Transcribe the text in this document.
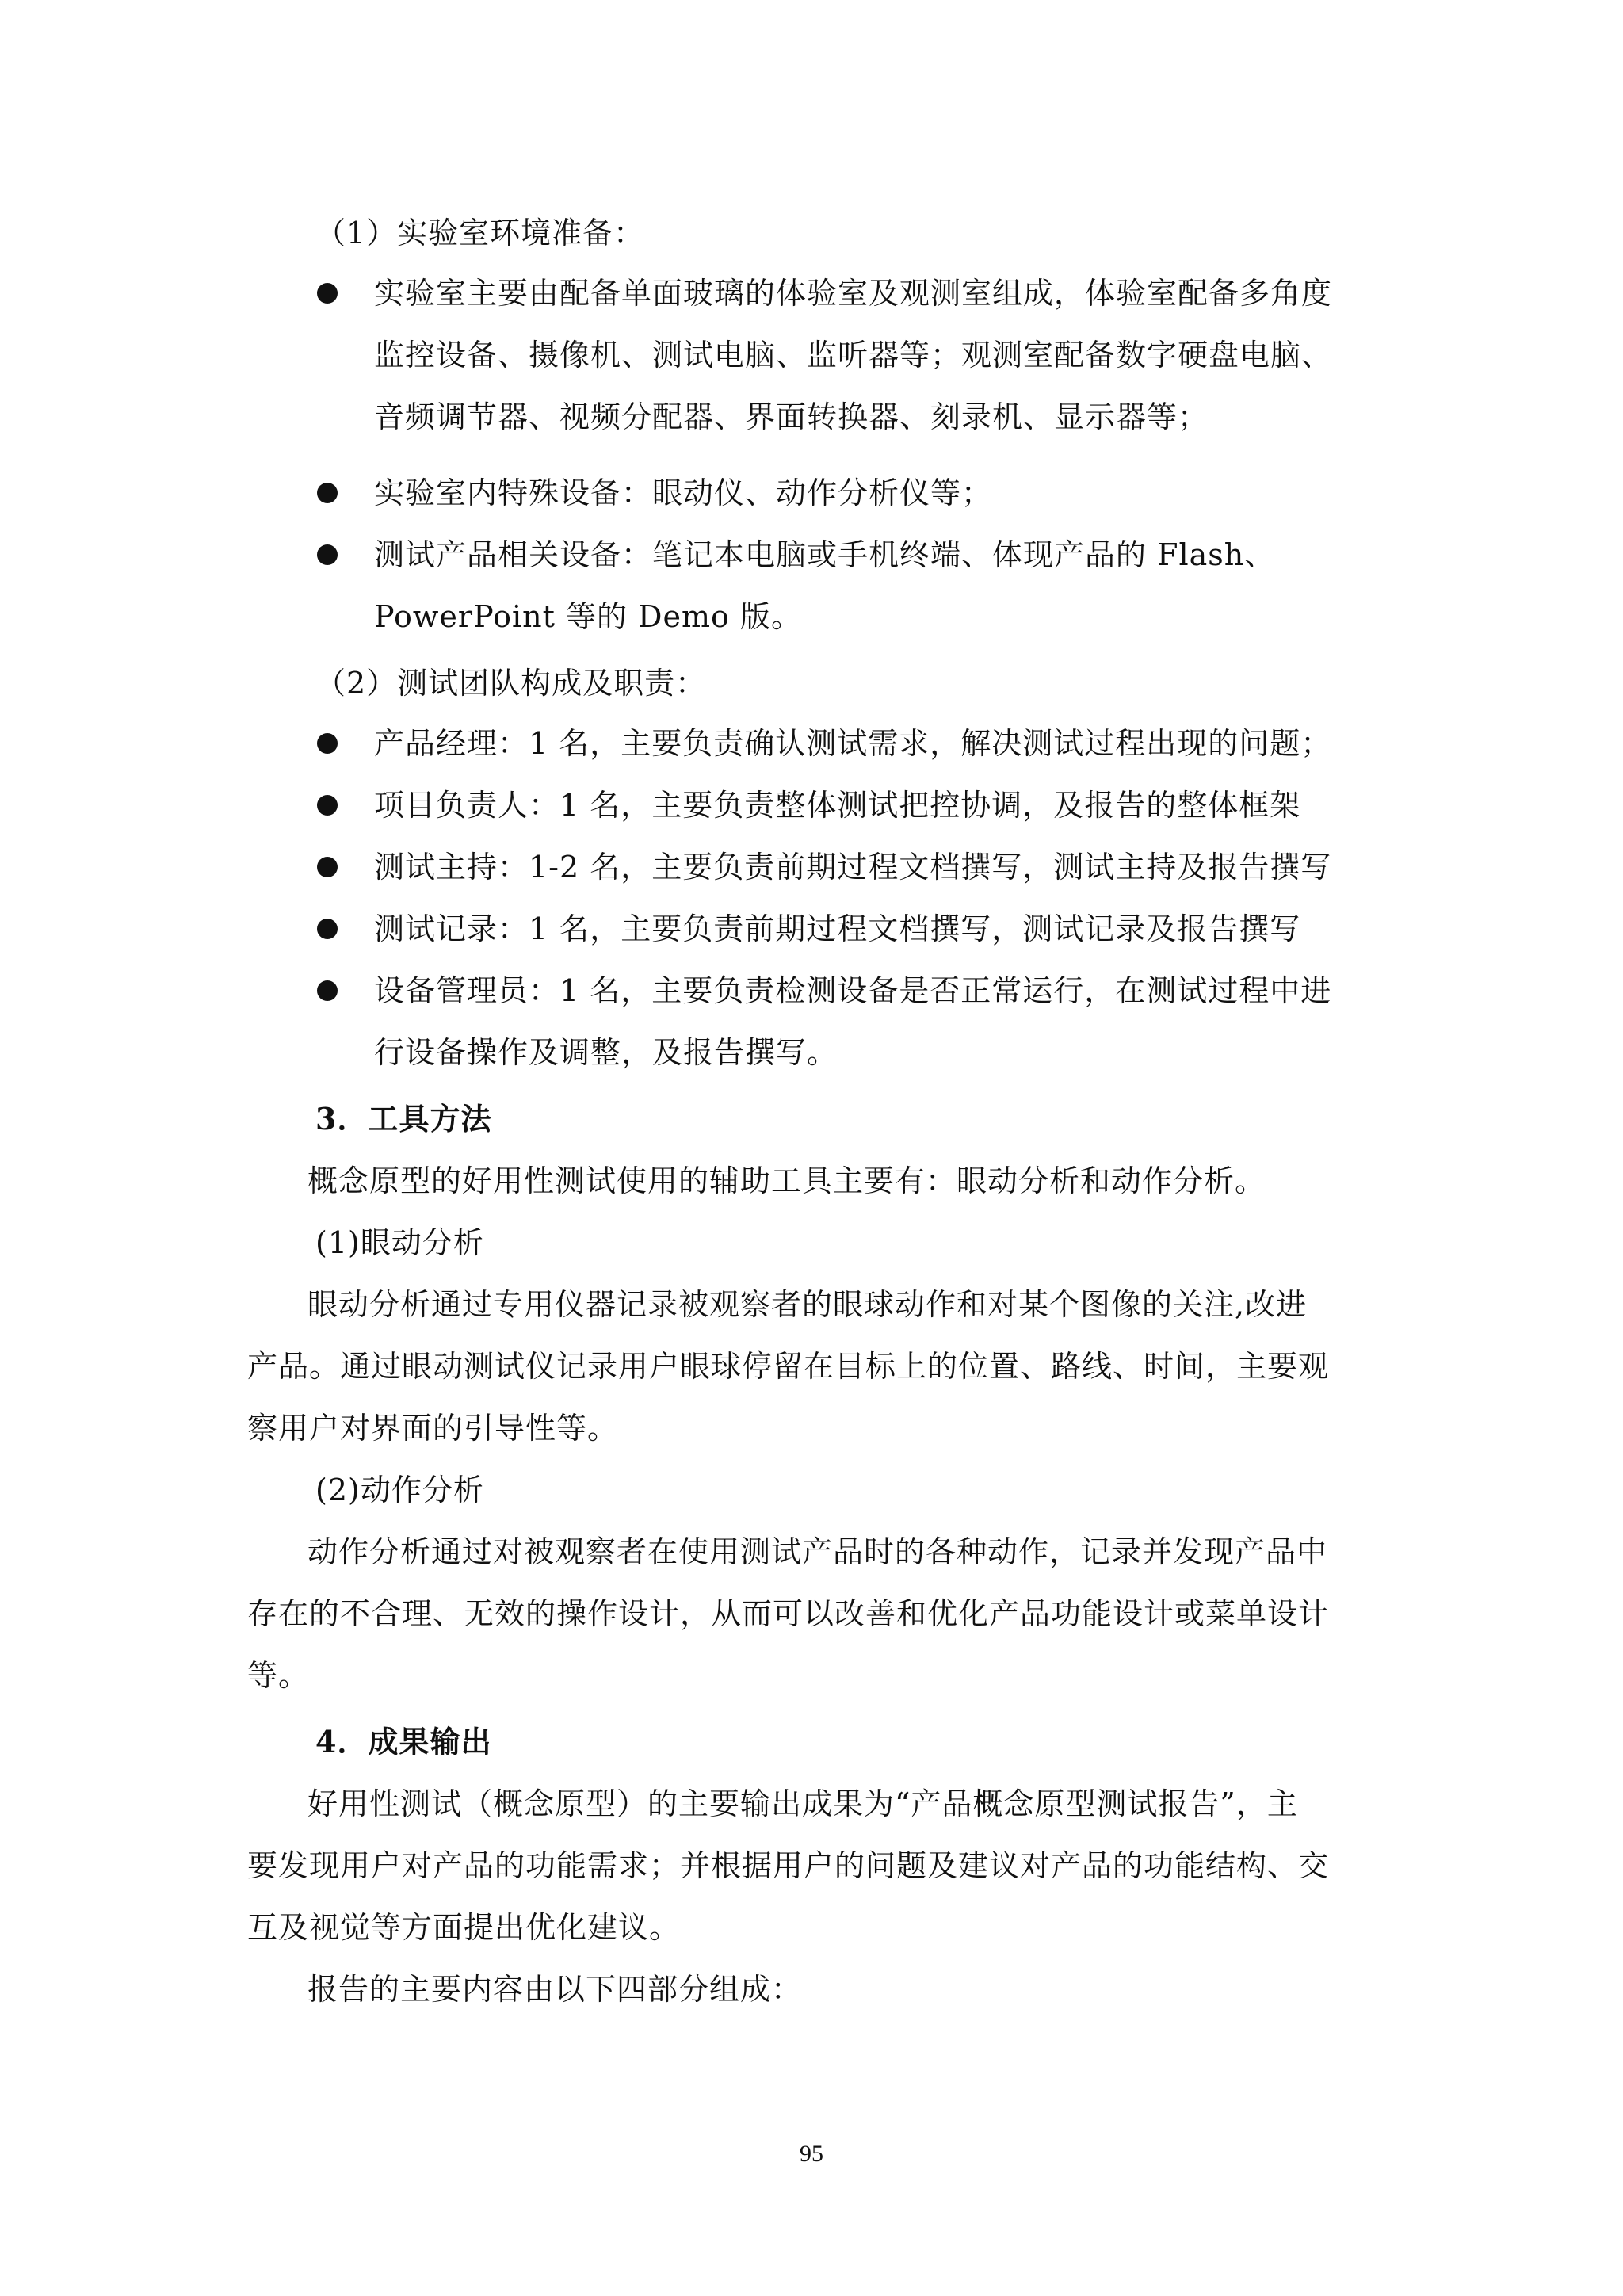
（1）实验室环境准备：
实验室主要由配备单面玻璃的体验室及观测室组成，体验室配备多角度
监控设备、摄像机、测试电脑、监听器等；观测室配备数字硬盘电脑、
音频调节器、视频分配器、界面转换器、刻录机、显示器等；
实验室内特殊设备：眼动仪、动作分析仪等；
测试产品相关设备：笔记本电脑或手机终端、体现产品的 Flash、
PowerPoint 等的 Demo 版。
（2）测试团队构成及职责：
产品经理：1 名，主要负责确认测试需求，解决测试过程出现的问题；
项目负责人：1 名，主要负责整体测试把控协调，及报告的整体框架
测试主持：1-2 名，主要负责前期过程文档撰写，测试主持及报告撰写
测试记录：1 名，主要负责前期过程文档撰写，测试记录及报告撰写
设备管理员：1 名，主要负责检测设备是否正常运行，在测试过程中进
行设备操作及调整，及报告撰写。
3．工具方法
概念原型的好用性测试使用的辅助工具主要有：眼动分析和动作分析。
(1)眼动分析
眼动分析通过专用仪器记录被观察者的眼球动作和对某个图像的关注,改进
产品。通过眼动测试仪记录用户眼球停留在目标上的位置、路线、时间，主要观
察用户对界面的引导性等。
(2)动作分析
动作分析通过对被观察者在使用测试产品时的各种动作，记录并发现产品中
存在的不合理、无效的操作设计，从而可以改善和优化产品功能设计或菜单设计
等。
4．成果输出
好用性测试（概念原型）的主要输出成果为“产品概念原型测试报告”，主
要发现用户对产品的功能需求；并根据用户的问题及建议对产品的功能结构、交
互及视觉等方面提出优化建议。
报告的主要内容由以下四部分组成：
95
